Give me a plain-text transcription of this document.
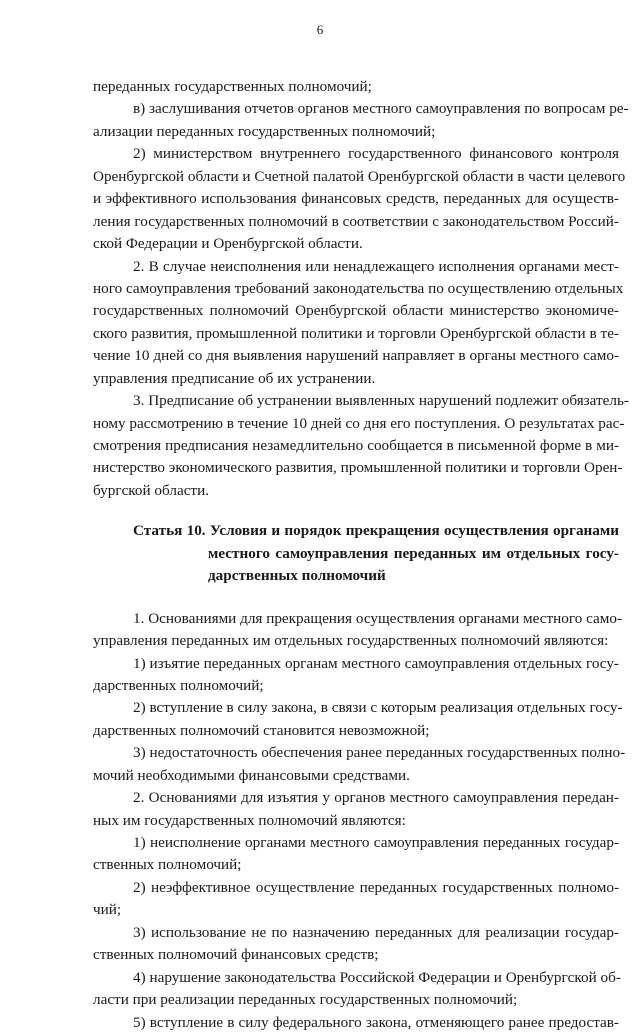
6
переданных государственных полномочий;
в) заслушивания отчетов органов местного самоуправления по вопросам ре-
ализации переданных государственных полномочий;
2) министерством внутреннего государственного финансового контроля
Оренбургской области и Счетной палатой Оренбургской области в части целевого
и эффективного использования финансовых средств, переданных для осуществ-
ления государственных полномочий в соответствии с законодательством Россий-
ской Федерации и Оренбургской области.
2. В случае неисполнения или ненадлежащего исполнения органами мест-
ного самоуправления требований законодательства по осуществлению отдельных
государственных полномочий Оренбургской области министерство экономиче-
ского развития, промышленной политики и торговли Оренбургской области в те-
чение 10 дней со дня выявления нарушений направляет в органы местного само-
управления предписание об их устранении.
3. Предписание об устранении выявленных нарушений подлежит обязатель-
ному рассмотрению в течение 10 дней со дня его поступления. О результатах рас-
смотрения предписания незамедлительно сообщается в письменной форме в ми-
нистерство экономического развития, промышленной политики и торговли Орен-
бургской области.
Статья 10. Условия и порядок прекращения осуществления органами
местного самоуправления переданных им отдельных госу-
дарственных полномочий
1. Основаниями для прекращения осуществления органами местного само-
управления переданных им отдельных государственных полномочий являются:
1) изъятие переданных органам местного самоуправления отдельных госу-
дарственных полномочий;
2) вступление в силу закона, в связи с которым реализация отдельных госу-
дарственных полномочий становится невозможной;
3) недостаточность обеспечения ранее переданных государственных полно-
мочий необходимыми финансовыми средствами.
2. Основаниями для изъятия у органов местного самоуправления передан-
ных им государственных полномочий являются:
1) неисполнение органами местного самоуправления переданных государ-
ственных полномочий;
2) неэффективное осуществление переданных государственных полномо-
чий;
3) использование не по назначению переданных для реализации государ-
ственных полномочий финансовых средств;
4) нарушение законодательства Российской Федерации и Оренбургской об-
ласти при реализации переданных государственных полномочий;
5) вступление в силу федерального закона, отменяющего ранее предостав-
